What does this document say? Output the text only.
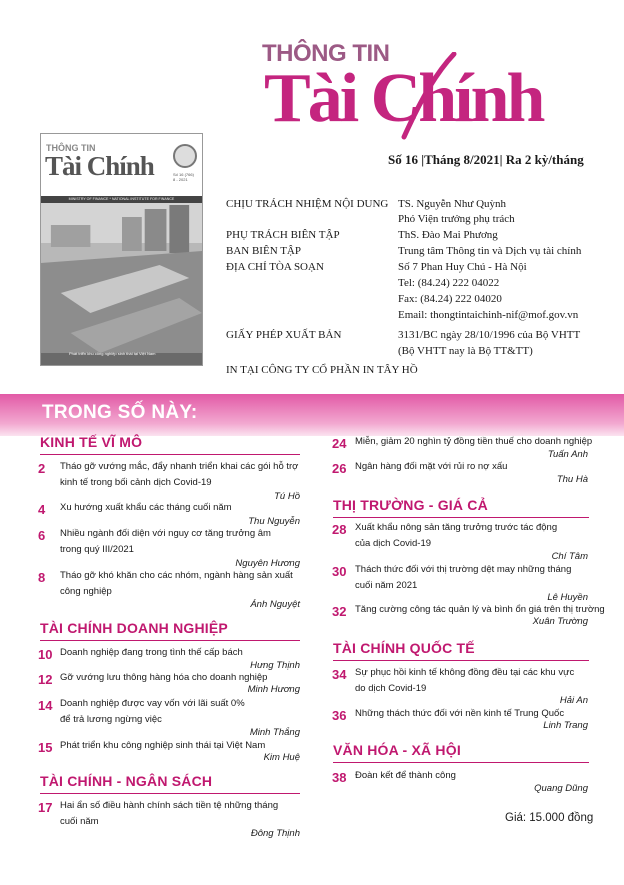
THÔNG TIN
Tài Chính
Số 16 |Tháng 8/2021| Ra 2 kỳ/tháng
THÔNG TIN
Tài Chính	Số 16 (766)
8 - 2021
MINISTRY OF FINANCE * NATIONAL INSTITUTE FOR FINANCE
Phát triển khu công nghiệp sinh thái tại Việt Nam
CHỊU TRÁCH NHIỆM NỘI DUNG TS. Nguyễn Như Quỳnh
Phó Viện trưởng phụ trách
PHỤ TRÁCH BIÊN TẬP	ThS. Đào Mai Phương
BAN BIÊN TẬP	Trung tâm Thông tin và Dịch vụ tài chính
ĐỊA CHỈ TÒA SOẠN	Số 7 Phan Huy Chú - Hà Nội
Tel: (84.24) 222 04022
Fax: (84.24) 222 04020
Email: thongtintaichinh-nif@mof.gov.vn
GIẤY PHÉP XUẤT BẢN	3131/BC ngày 28/10/1996 của Bộ VHTT
(Bộ VHTT nay là Bộ TT&TT)
IN TẠI CÔNG TY CỔ PHẦN IN TÂY HỒ
TRONG SỐ NÀY:
KINH TẾ VĨ MÔ
2 Tháo gỡ vướng mắc, đẩy nhanh triển khai các gói hỗ trợ
kinh tế trong bối cảnh dịch Covid-19
Tú Hồ
4 Xu hướng xuất khẩu các tháng cuối năm
Thu Nguyễn
6 Nhiều ngành đối diện với nguy cơ tăng trưởng âm
trong quý III/2021
Nguyên Hương
8 Tháo gỡ khó khăn cho các nhóm, ngành hàng sản xuất
công nghiệp
Ánh Nguyệt
TÀI CHÍNH DOANH NGHIỆP
10 Doanh nghiệp đang trong tình thế cấp bách
Hưng Thịnh
12 Gỡ vướng lưu thông hàng hóa cho doanh nghiệp
Minh Hương
14 Doanh nghiệp được vay vốn với lãi suất 0%
để trả lương ngừng việc
Minh Thắng
15 Phát triển khu công nghiệp sinh thái tại Việt Nam
Kim Huệ
TÀI CHÍNH - NGÂN SÁCH
17 Hai ẩn số điều hành chính sách tiền tệ những tháng
cuối năm
Đông Thịnh
24 Miễn, giảm 20 nghìn tỷ đồng tiền thuế cho doanh nghiệp
Tuấn Anh
26 Ngân hàng đối mặt với rủi ro nợ xấu
Thu Hà
THỊ TRƯỜNG - GIÁ CẢ
28 Xuất khẩu nông sản tăng trưởng trước tác động
của dịch Covid-19
Chí Tâm
30 Thách thức đối với thị trường dệt may những tháng
cuối năm 2021
Lê Huyền
32 Tăng cường công tác quản lý và bình ổn giá trên thị trường
Xuân Trường
TÀI CHÍNH QUỐC TẾ
34 Sự phục hồi kinh tế không đồng đều tại các khu vực
do dịch Covid-19
Hải An
36 Những thách thức đối với nền kinh tế Trung Quốc
Linh Trang
VĂN HÓA - XÃ HỘI
38 Đoàn kết để thành công
Quang Dũng
Giá: 15.000 đồng
